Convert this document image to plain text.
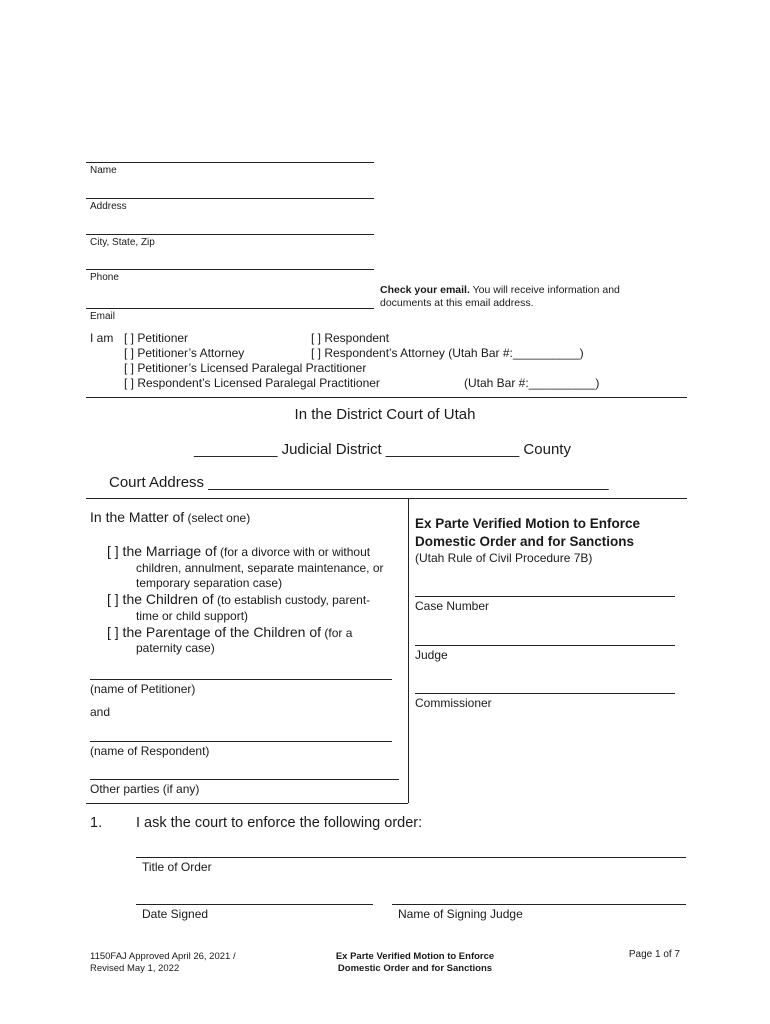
Name
Address
City, State, Zip
Phone
Email
Check your email. You will receive information and
documents at this email address.
I am [ ] Petitioner	[ ] Respondent
[ ] Petitioner’s Attorney	[ ] Respondent’s Attorney (Utah Bar #:__________)
[ ] Petitioner’s Licensed Paralegal Practitioner
[ ] Respondent’s Licensed Paralegal Practitioner	(Utah Bar #:__________)
In the District Court of Utah
__________ Judicial District ________________ County
Court Address ________________________________________________
In the Matter of (select one)
[ ] the Marriage of (for a divorce with or without
children, annulment, separate maintenance, or
temporary separation case)
[ ] the Children of (to establish custody, parent-
time or child support)
[ ] the Parentage of the Children of (for a
paternity case)
(name of Petitioner)
and
(name of Respondent)
Other parties (if any)
Ex Parte Verified Motion to Enforce
Domestic Order and for Sanctions
(Utah Rule of Civil Procedure 7B)
Case Number
Judge
Commissioner
1. I ask the court to enforce the following order:
Title of Order
Date Signed	Name of Signing Judge
1150FAJ Approved April 26, 2021 /
Revised May 1, 2022
Ex Parte Verified Motion to Enforce
Domestic Order and for Sanctions
Page 1 of 7
